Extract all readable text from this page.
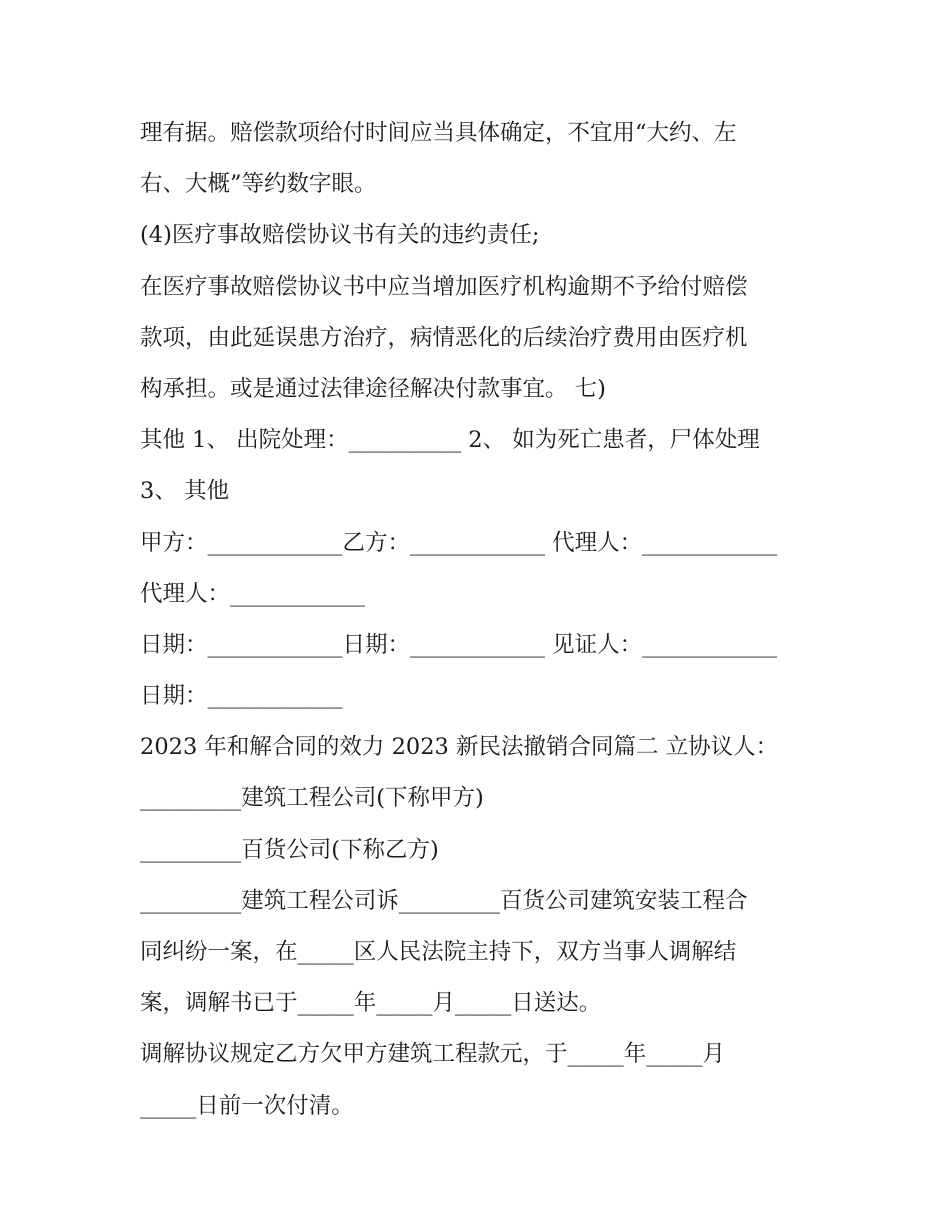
理有据。赔偿款项给付时间应当具体确定，不宜用“大约、左
右、大概”等约数字眼。
(4)医疗事故赔偿协议书有关的违约责任;
在医疗事故赔偿协议书中应当增加医疗机构逾期不予给付赔偿
款项，由此延误患方治疗，病情恶化的后续治疗费用由医疗机
构承担。或是通过法律途径解决付款事宜。 七)
其他 1、 出院处理：__________ 2、 如为死亡患者，尸体处理
3、 其他
甲方：____________乙方：____________ 代理人：____________
代理人：____________
日期：____________日期：____________ 见证人：____________
日期：____________
2023 年和解合同的效力 2023 新民法撤销合同篇二 立协议人：
_________建筑工程公司(下称甲方)
_________百货公司(下称乙方)
_________建筑工程公司诉_________百货公司建筑安装工程合
同纠纷一案，在_____区人民法院主持下，双方当事人调解结
案，调解书已于_____年_____月_____日送达。
调解协议规定乙方欠甲方建筑工程款元，于_____年_____月
_____日前一次付清。
